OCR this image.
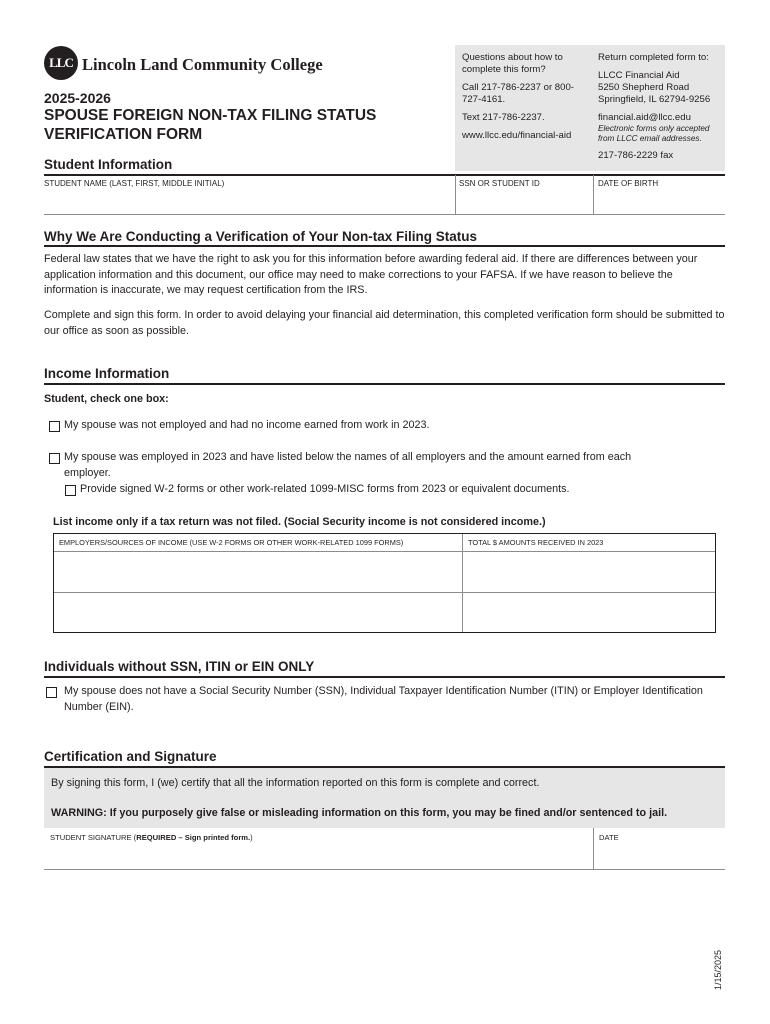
LLC Lincoln Land Community College
2025-2026
SPOUSE FOREIGN NON-TAX FILING STATUS
VERIFICATION FORM

Questions about how to complete this form?

Call 217-786-2237 or 800-727-4161.

Text 217-786-2237.

www.llcc.edu/financial-aid

Return completed form to:

LLCC Financial Aid
5250 Shepherd Road
Springfield, IL 62794-9256
financial.aid@llcc.edu

Electronic forms only accepted from LLCC email addresses.

217-786-2229 fax

Student Information
STUDENT NAME (LAST, FIRST, MIDDLE INITIAL)	SSN OR STUDENT ID	DATE OF BIRTH
Why We Are Conducting a Verification of Your Non-tax Filing Status
Federal law states that we have the right to ask you for this information before awarding federal aid. If there are differences between your application information and this document, our office may need to make corrections to your FAFSA. If we have reason to believe the information is inaccurate, we may request certification from the IRS.
Complete and sign this form. In order to avoid delaying your financial aid determination, this completed verification form should be submitted to our office as soon as possible.
Income Information
Student, check one box:
My spouse was not employed and had no income earned from work in 2023.
My spouse was employed in 2023 and have listed below the names of all employers and the amount earned from each employer.
Provide signed W-2 forms or other work-related 1099-MISC forms from 2023 or equivalent documents.
List income only if a tax return was not filed. (Social Security income is not considered income.)
EMPLOYERS/SOURCES OF INCOME (USE W-2 FORMS OR OTHER WORK-RELATED 1099 FORMS)	TOTAL $ AMOUNTS RECEIVED IN 2023
Individuals without SSN, ITIN or EIN ONLY
My spouse does not have a Social Security Number (SSN), Individual Taxpayer Identification Number (ITIN) or Employer Identification Number (EIN).
Certification and Signature
By signing this form, I (we) certify that all the information reported on this form is complete and correct.
WARNING: If you purposely give false or misleading information on this form, you may be fined and/or sentenced to jail.
STUDENT SIGNATURE (REQUIRED – Sign printed form.)	DATE
1/15/2025
